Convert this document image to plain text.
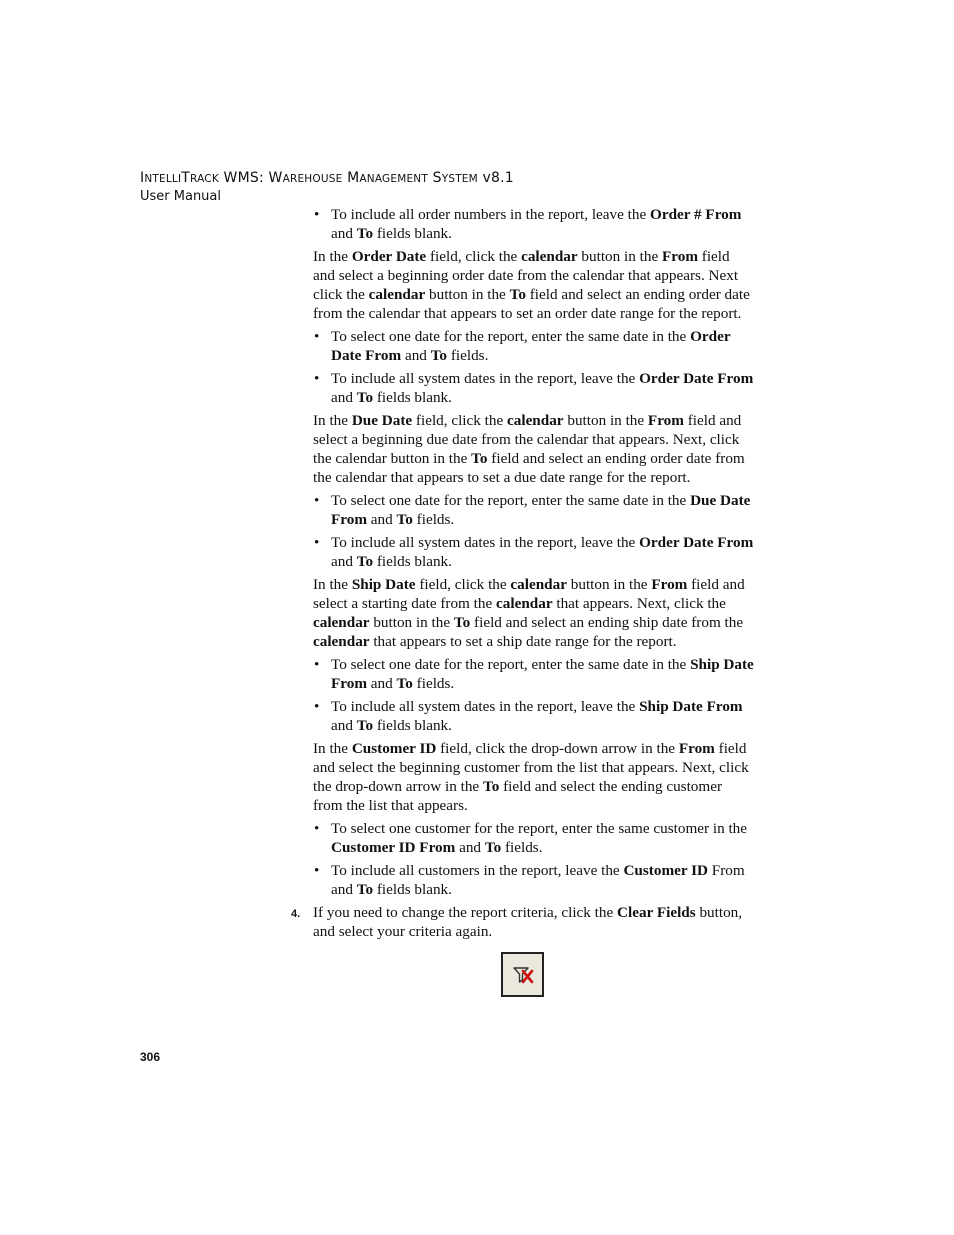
INTELLITRACK WMS: WAREHOUSE MANAGEMENT SYSTEM v8.1
User Manual
• To include all order numbers in the report, leave the Order # From and To fields blank.

In the Order Date field, click the calendar button in the From field and select a beginning order date from the calendar that appears. Next click the calendar button in the To field and select an ending order date from the calendar that appears to set an order date range for the report.

• To select one date for the report, enter the same date in the Order Date From and To fields.
• To include all system dates in the report, leave the Order Date From and To fields blank.

In the Due Date field, click the calendar button in the From field and select a beginning due date from the calendar that appears. Next, click the calendar button in the To field and select an ending order date from the calendar that appears to set a due date range for the report.

• To select one date for the report, enter the same date in the Due Date From and To fields.
• To include all system dates in the report, leave the Order Date From and To fields blank.

In the Ship Date field, click the calendar button in the From field and select a starting date from the calendar that appears. Next, click the calendar button in the To field and select an ending ship date from the calendar that appears to set a ship date range for the report.

• To select one date for the report, enter the same date in the Ship Date From and To fields.
• To include all system dates in the report, leave the Ship Date From and To fields blank.

In the Customer ID field, click the drop-down arrow in the From field and select the beginning customer from the list that appears. Next, click the drop-down arrow in the To field and select the ending customer from the list that appears.

• To select one customer for the report, enter the same customer in the Customer ID From and To fields.
• To include all customers in the report, leave the Customer ID From and To fields blank.
4. If you need to change the report criteria, click the Clear Fields button, and select your criteria again.
306
